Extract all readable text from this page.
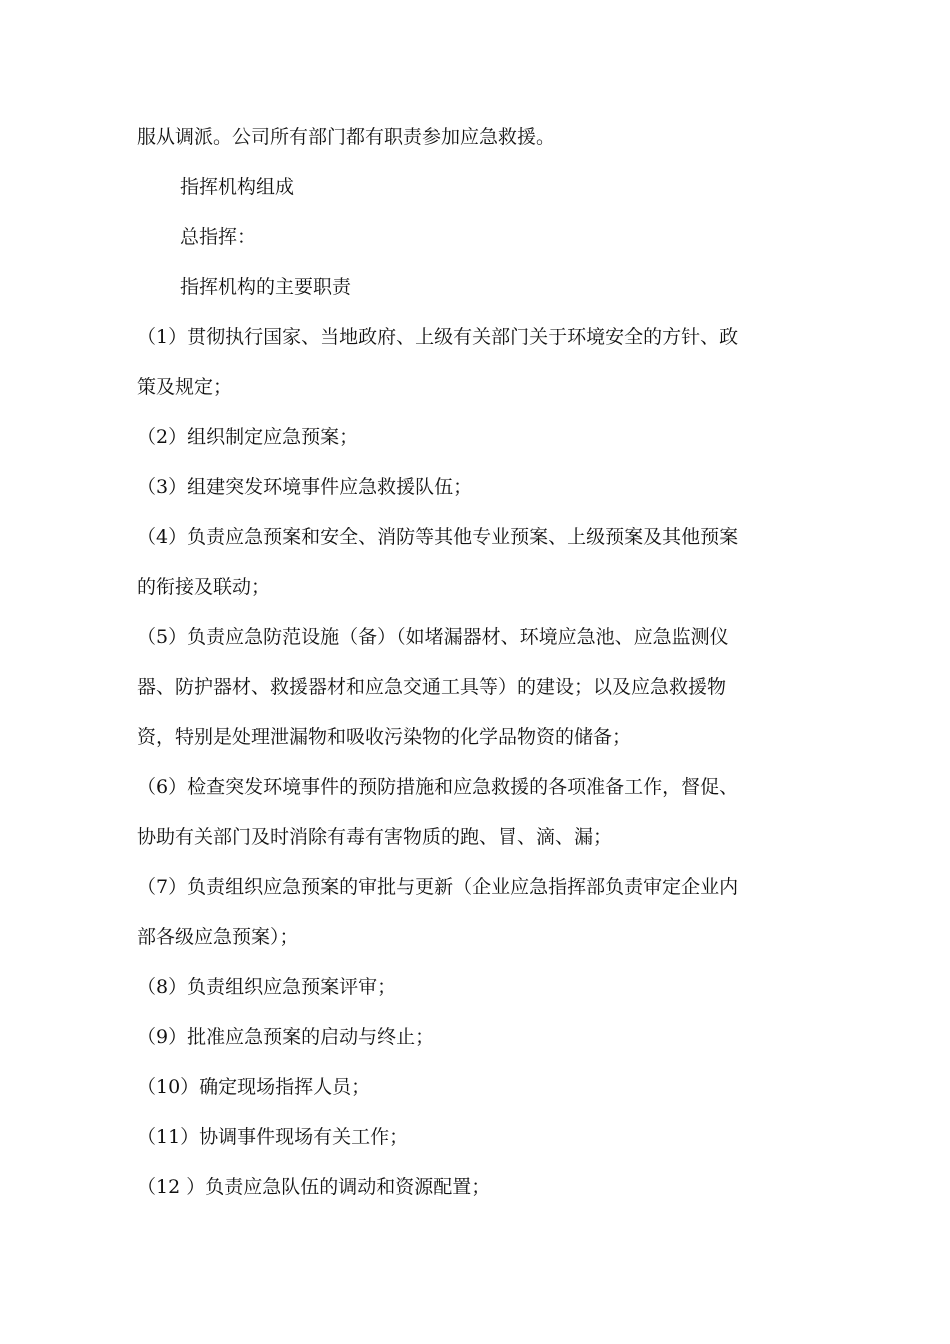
服从调派。公司所有部门都有职责参加应急救援。
指挥机构组成
总指挥：
指挥机构的主要职责
（1）贯彻执行国家、当地政府、上级有关部门关于环境安全的方针、政
策及规定；
（2）组织制定应急预案；
（3）组建突发环境事件应急救援队伍；
（4）负责应急预案和安全、消防等其他专业预案、上级预案及其他预案
的衔接及联动；
（5）负责应急防范设施（备）（如堵漏器材、环境应急池、应急监测仪
器、防护器材、救援器材和应急交通工具等）的建设；以及应急救援物
资，特别是处理泄漏物和吸收污染物的化学品物资的储备；
（6）检查突发环境事件的预防措施和应急救援的各项准备工作，督促、
协助有关部门及时消除有毒有害物质的跑、冒、滴、漏；
（7）负责组织应急预案的审批与更新（企业应急指挥部负责审定企业内
部各级应急预案）；
（8）负责组织应急预案评审；
（9）批准应急预案的启动与终止；
（10）确定现场指挥人员；
（11）协调事件现场有关工作；
（12 ）负责应急队伍的调动和资源配置；
